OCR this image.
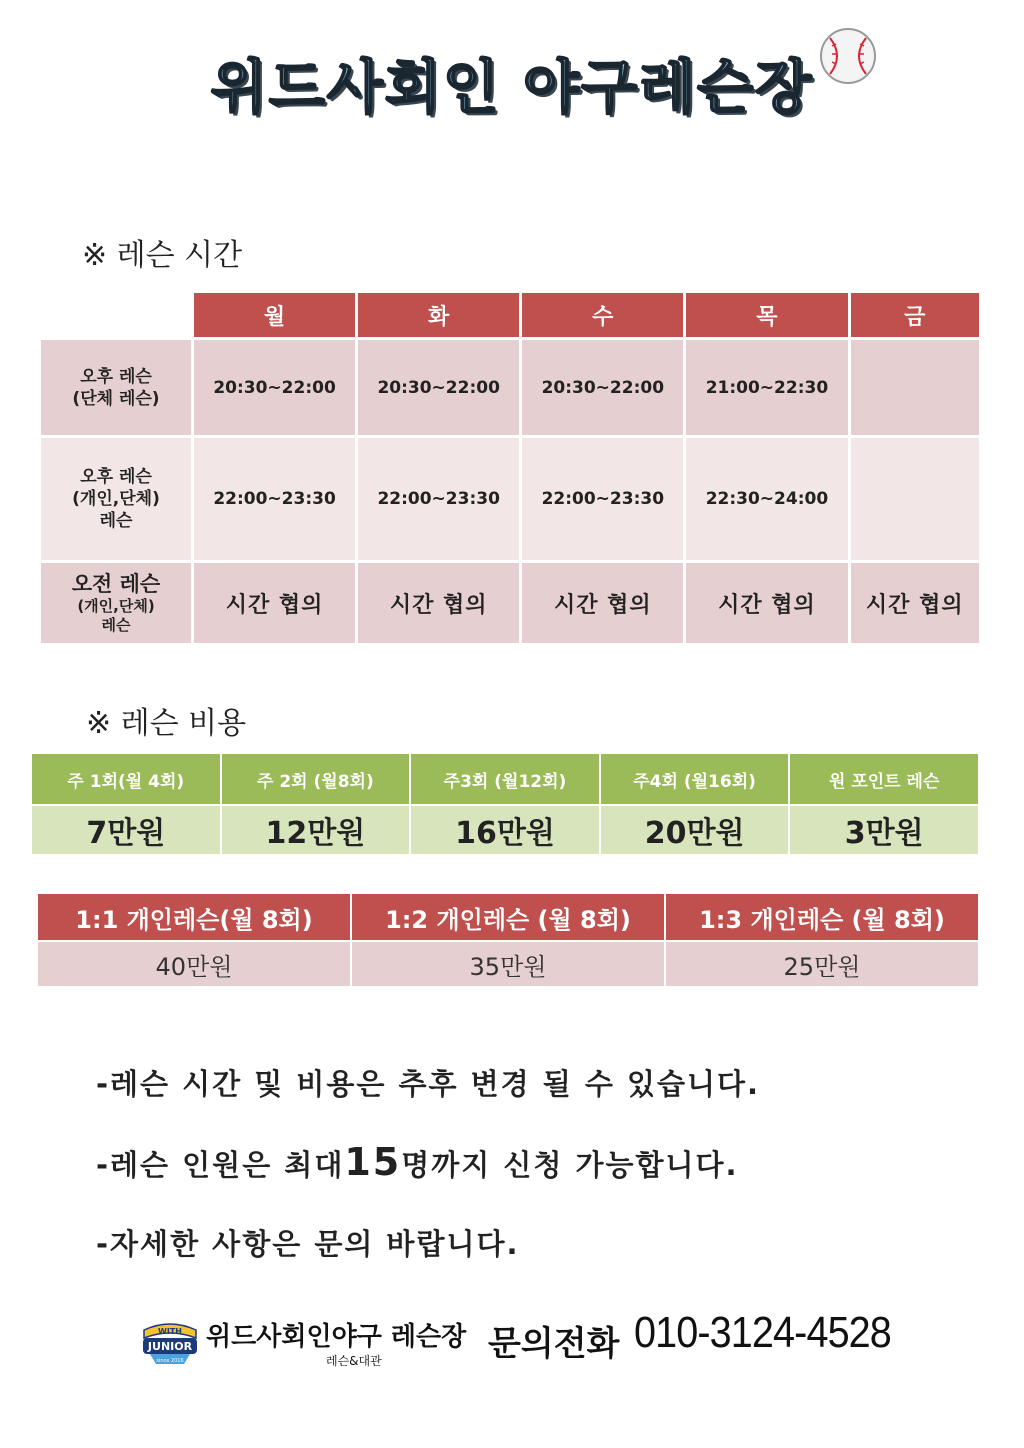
위드사회인 야구레슨장
※ 레슨 시간
	월	화	수	목	금

오후 레슨
(단체 레슨)	20:30~22:00	20:30~22:00	20:30~22:00	21:00~22:30	

오후 레슨
(개인,단체)
레슨	22:00~23:30	22:00~23:30	22:00~23:30	22:30~24:00	

오전 레슨
(개인,단체)
레슨	시간 협의	시간 협의	시간 협의	시간 협의	시간 협의
※ 레슨 비용
주 1회(월 4회)	주 2회 (월8회)	주3회 (월12회)	주4회 (월16회)	원 포인트 레슨
7만원	12만원	16만원	20만원	3만원
1:1 개인레슨(월 8회)	1:2 개인레슨 (월 8회)	1:3 개인레슨 (월 8회)
40만원	35만원	25만원
-레슨 시간 및 비용은 추후 변경 될 수 있습니다.
-레슨 인원은 최대15명까지 신청 가능합니다.
-자세한 사항은 문의 바랍니다.
WITH
JUNIOR
since 2016
위드사회인야구 레슨장
레슨&대관	문의전화 010-3124-4528
